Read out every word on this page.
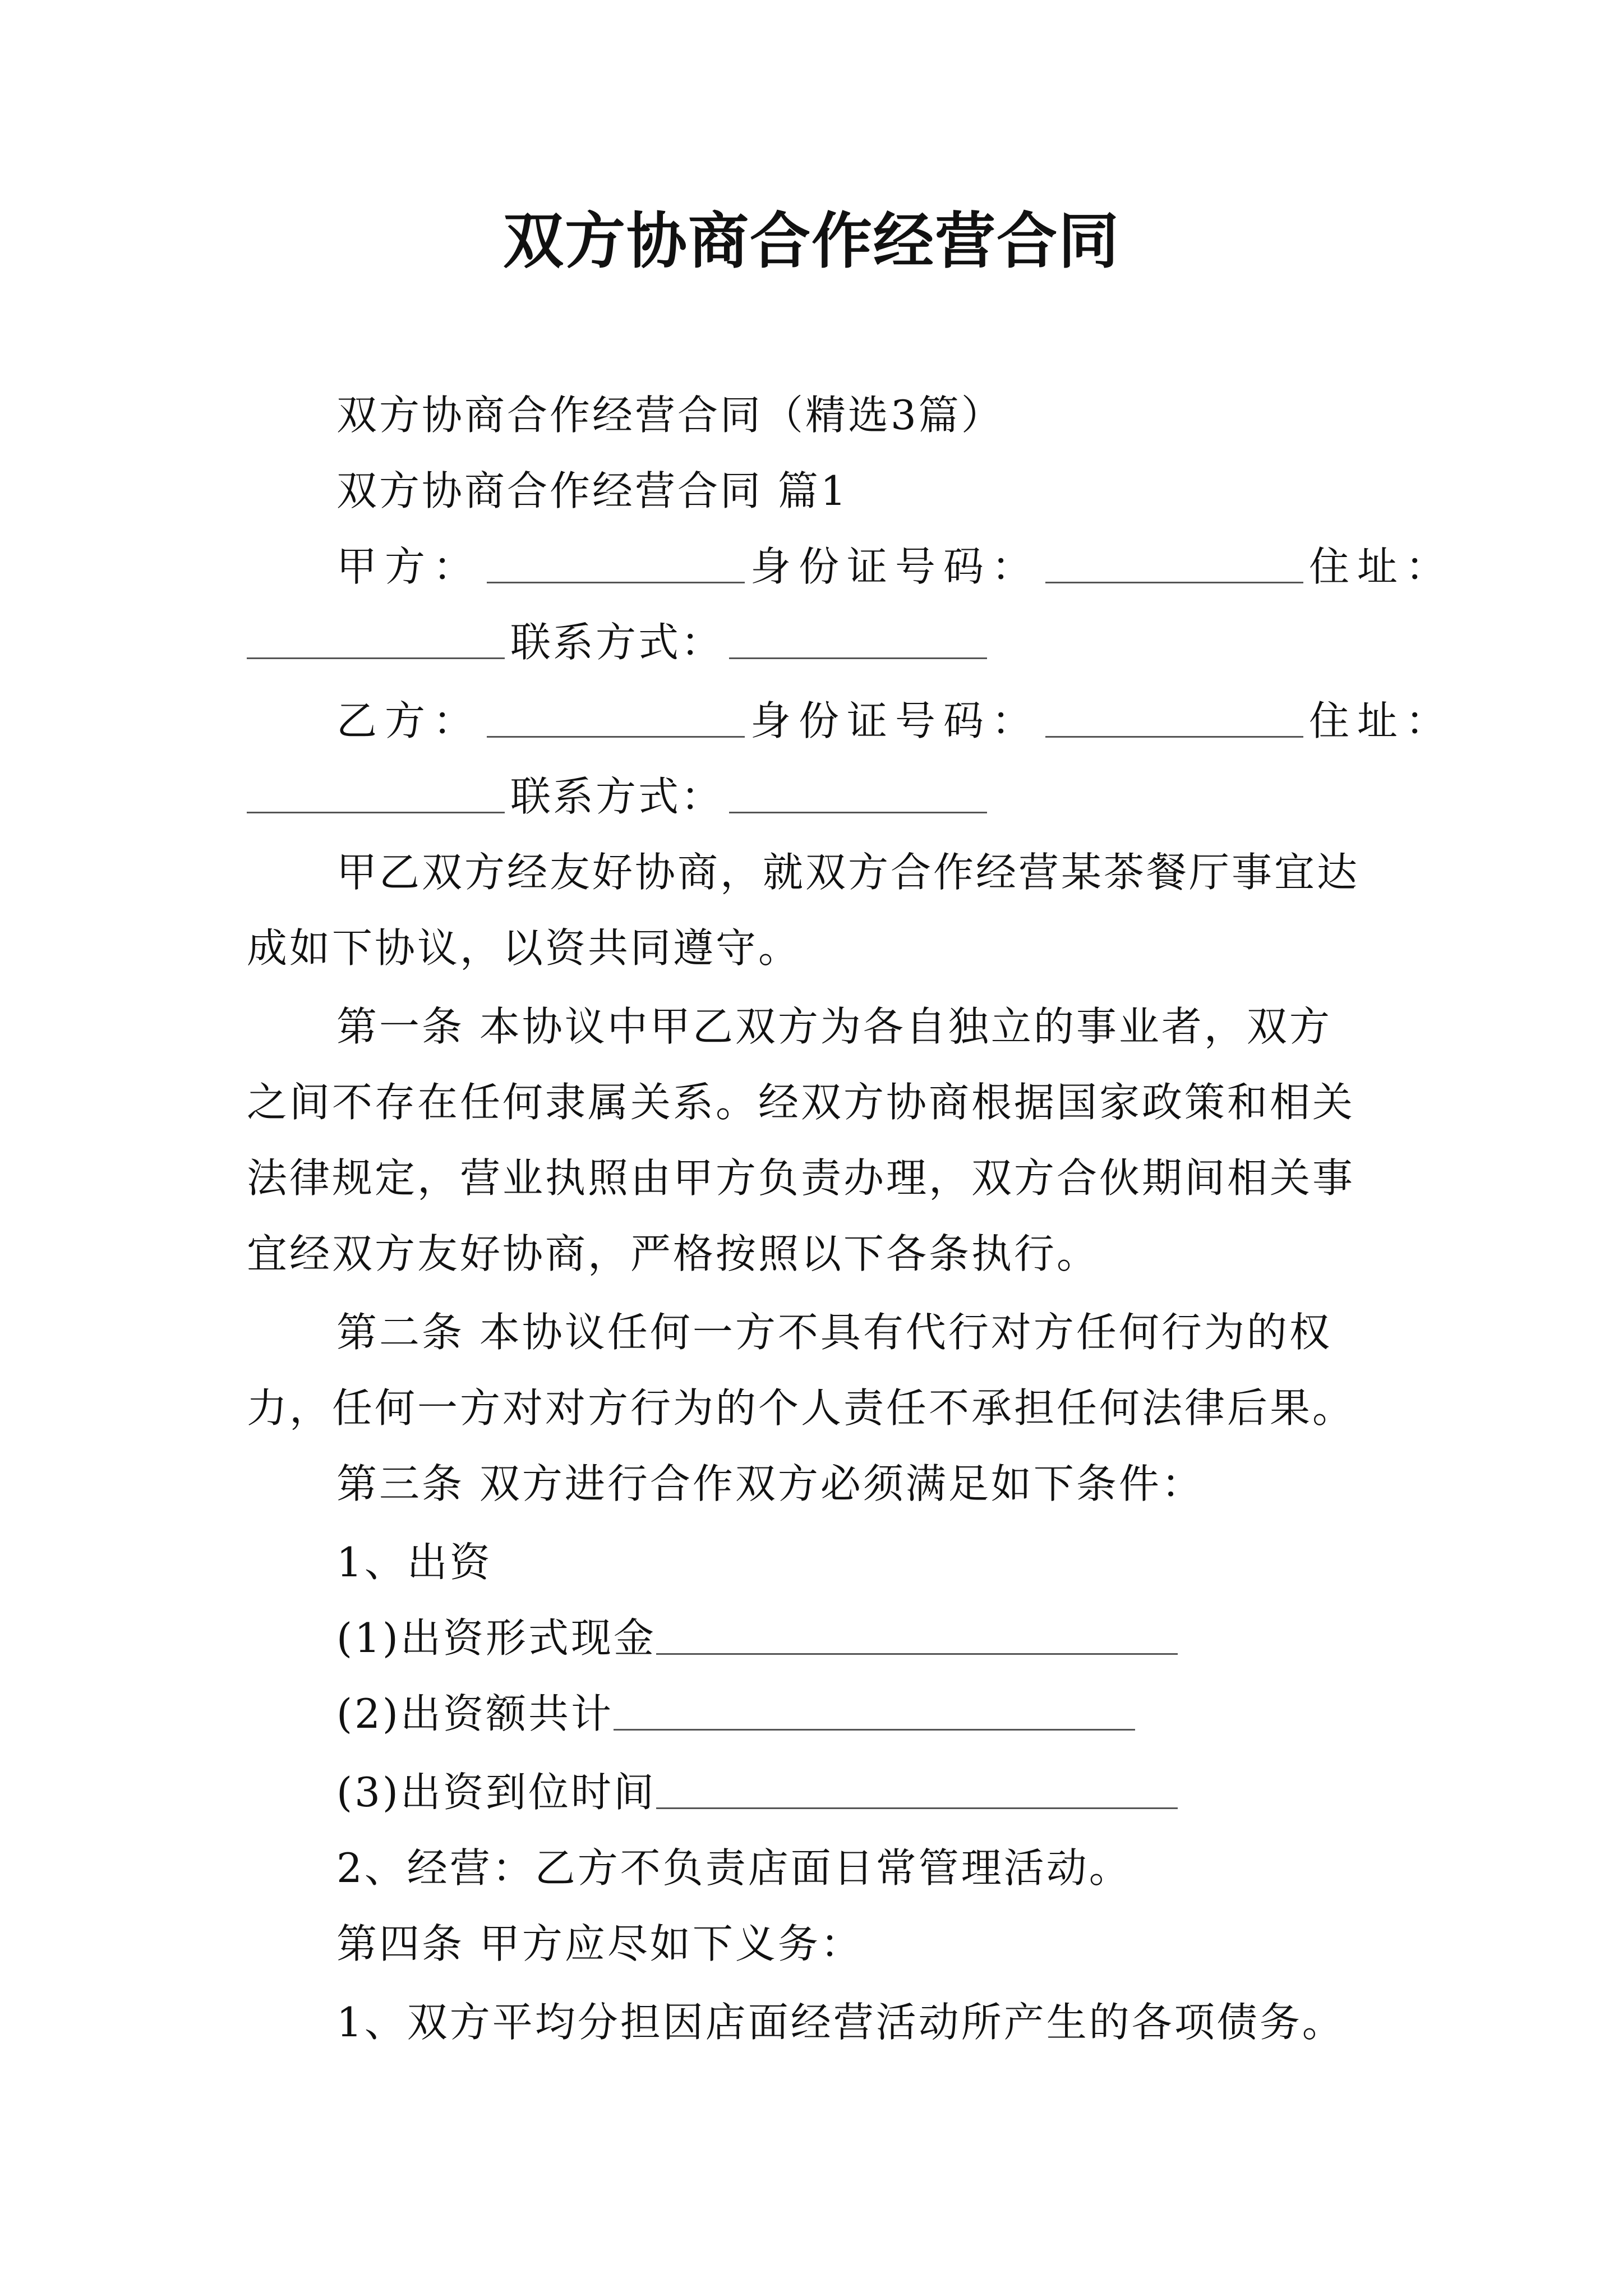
双方协商合作经营合同
双方协商合作经营合同（精选3篇）
双方协商合作经营合同 篇1
甲方：	身份证号码：	住址：
联系方式：
乙方：	身份证号码：	住址：
联系方式：
甲乙双方经友好协商，就双方合作经营某茶餐厅事宜达
成如下协议，以资共同遵守。
第一条 本协议中甲乙双方为各自独立的事业者，双方
之间不存在任何隶属关系。经双方协商根据国家政策和相关
法律规定，营业执照由甲方负责办理，双方合伙期间相关事
宜经双方友好协商，严格按照以下各条执行。
第二条 本协议任何一方不具有代行对方任何行为的权
力，任何一方对对方行为的个人责任不承担任何法律后果。
第三条 双方进行合作双方必须满足如下条件：
1、出资
(1)出资形式现金
(2)出资额共计
(3)出资到位时间
2、经营：乙方不负责店面日常管理活动。
第四条 甲方应尽如下义务：
1、双方平均分担因店面经营活动所产生的各项债务。
